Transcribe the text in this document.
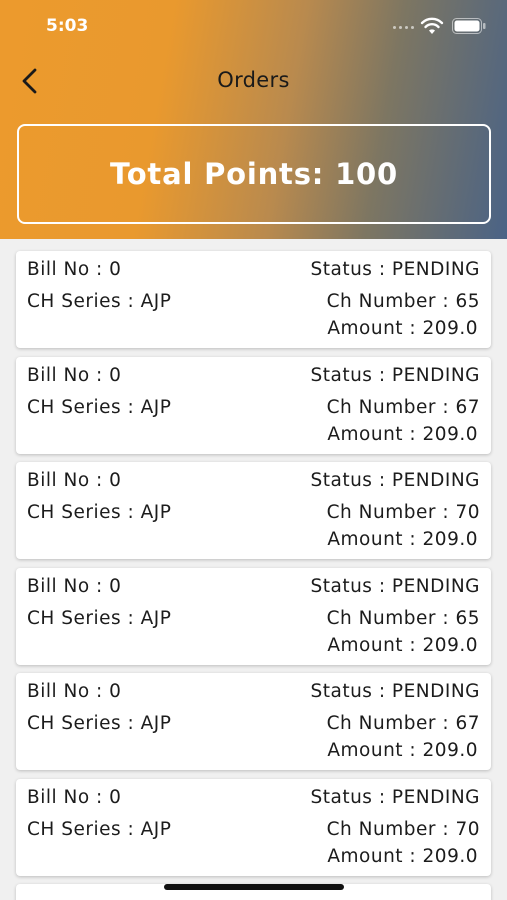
5:03
Orders
Total Points: 100
Bill No : 0	Status : PENDING
CH Series : AJP	Ch Number : 65
Amount : 209.0
Bill No : 0	Status : PENDING
CH Series : AJP	Ch Number : 67
Amount : 209.0
Bill No : 0	Status : PENDING
CH Series : AJP	Ch Number : 70
Amount : 209.0
Bill No : 0	Status : PENDING
CH Series : AJP	Ch Number : 65
Amount : 209.0
Bill No : 0	Status : PENDING
CH Series : AJP	Ch Number : 67
Amount : 209.0
Bill No : 0	Status : PENDING
CH Series : AJP	Ch Number : 70
Amount : 209.0
